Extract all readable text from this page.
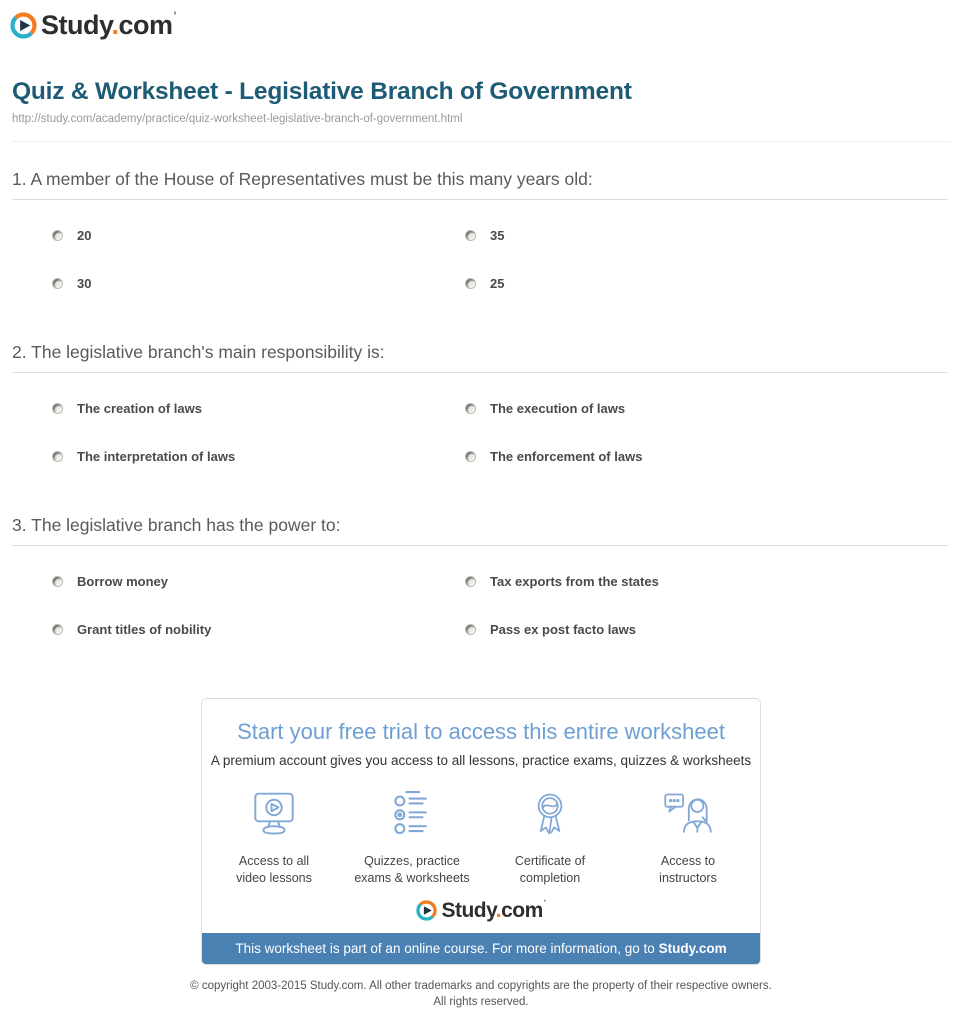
Study.com'
Quiz & Worksheet - Legislative Branch of Government
http://study.com/academy/practice/quiz-worksheet-legislative-branch-of-government.html
1. A member of the House of Representatives must be this many years old:
20	35
30	25
2. The legislative branch's main responsibility is:
The creation of laws	The execution of laws
The interpretation of laws	The enforcement of laws
3. The legislative branch has the power to:
Borrow money	Tax exports from the states
Grant titles of nobility	Pass ex post facto laws
Start your free trial to access this entire worksheet
A premium account gives you access to all lessons, practice exams, quizzes & worksheets
Access to all
video lessons
Quizzes, practice
exams & worksheets
Certificate of
completion
Access to
instructors
Study.com'
This worksheet is part of an online course. For more information, go to Study.com
© copyright 2003-2015 Study.com. All other trademarks and copyrights are the property of their respective owners.
All rights reserved.
